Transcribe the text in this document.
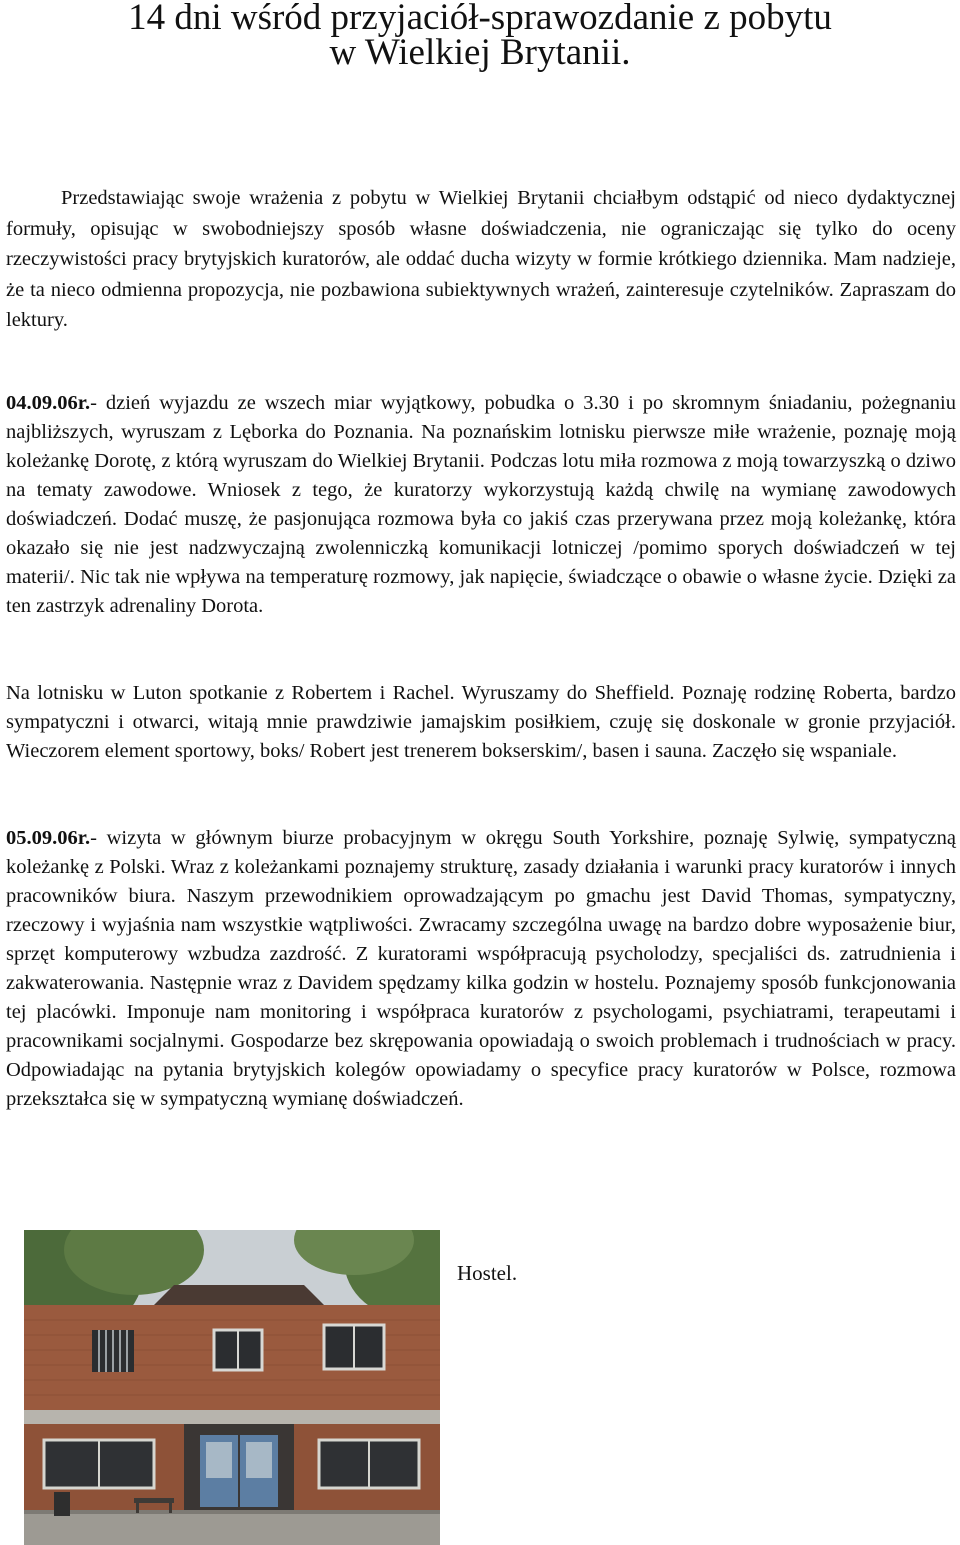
14 dni wśród przyjaciół-sprawozdanie z pobytu
w Wielkiej Brytanii.

Przedstawiając swoje wrażenia z pobytu w Wielkiej Brytanii chciałbym odstąpić od nieco dydaktycznej formuły, opisując w swobodniejszy sposób własne doświadczenia, nie ograniczając się tylko do oceny rzeczywistości pracy brytyjskich kuratorów, ale oddać ducha wizyty w formie krótkiego dziennika. Mam nadzieje, że ta nieco odmienna propozycja, nie pozbawiona subiektywnych wrażeń, zainteresuje czytelników. Zapraszam do lektury.

04.09.06r.- dzień wyjazdu ze wszech miar wyjątkowy, pobudka o 3.30 i po skromnym śniadaniu, pożegnaniu najbliższych, wyruszam z Lęborka do Poznania. Na poznańskim lotnisku pierwsze miłe wrażenie, poznaję moją koleżankę Dorotę, z którą wyruszam do Wielkiej Brytanii. Podczas lotu miła rozmowa z moją towarzyszką o dziwo na tematy zawodowe. Wniosek z tego, że kuratorzy wykorzystują każdą chwilę na wymianę zawodowych doświadczeń. Dodać muszę, że pasjonująca rozmowa była co jakiś czas przerywana przez moją koleżankę, która okazało się nie jest nadzwyczajną zwolenniczką komunikacji lotniczej /pomimo sporych doświadczeń w tej materii/. Nic tak nie wpływa na temperaturę rozmowy, jak napięcie, świadczące o obawie o własne życie. Dzięki za ten zastrzyk adrenaliny Dorota.

Na lotnisku w Luton spotkanie z Robertem i Rachel. Wyruszamy do Sheffield. Poznaję rodzinę Roberta, bardzo sympatyczni i otwarci, witają mnie prawdziwie jamajskim posiłkiem, czuję się doskonale w gronie przyjaciół. Wieczorem element sportowy, boks/ Robert jest trenerem bokserskim/, basen i sauna. Zaczęło się wspaniale.

05.09.06r.- wizyta w głównym biurze probacyjnym w okręgu South Yorkshire, poznaję Sylwię, sympatyczną koleżankę z Polski. Wraz z koleżankami poznajemy strukturę, zasady działania i warunki pracy kuratorów i innych pracowników biura. Naszym przewodnikiem oprowadzającym po gmachu jest David Thomas, sympatyczny, rzeczowy i wyjaśnia nam wszystkie wątpliwości. Zwracamy szczególna uwagę na bardzo dobre wyposażenie biur, sprzęt komputerowy wzbudza zazdrość. Z kuratorami współpracują psycholodzy, specjaliści ds. zatrudnienia i zakwaterowania. Następnie wraz z Davidem spędzamy kilka godzin w hostelu. Poznajemy sposób funkcjonowania tej placówki. Imponuje nam monitoring i współpraca kuratorów z psychologami, psychiatrami, terapeutami i pracownikami socjalnymi. Gospodarze bez skrępowania opowiadają o swoich problemach i trudnościach w pracy. Odpowiadając na pytania brytyjskich kolegów opowiadamy o specyfice pracy kuratorów w Polsce, rozmowa przekształca się w sympatyczną wymianę doświadczeń.

Hostel.
